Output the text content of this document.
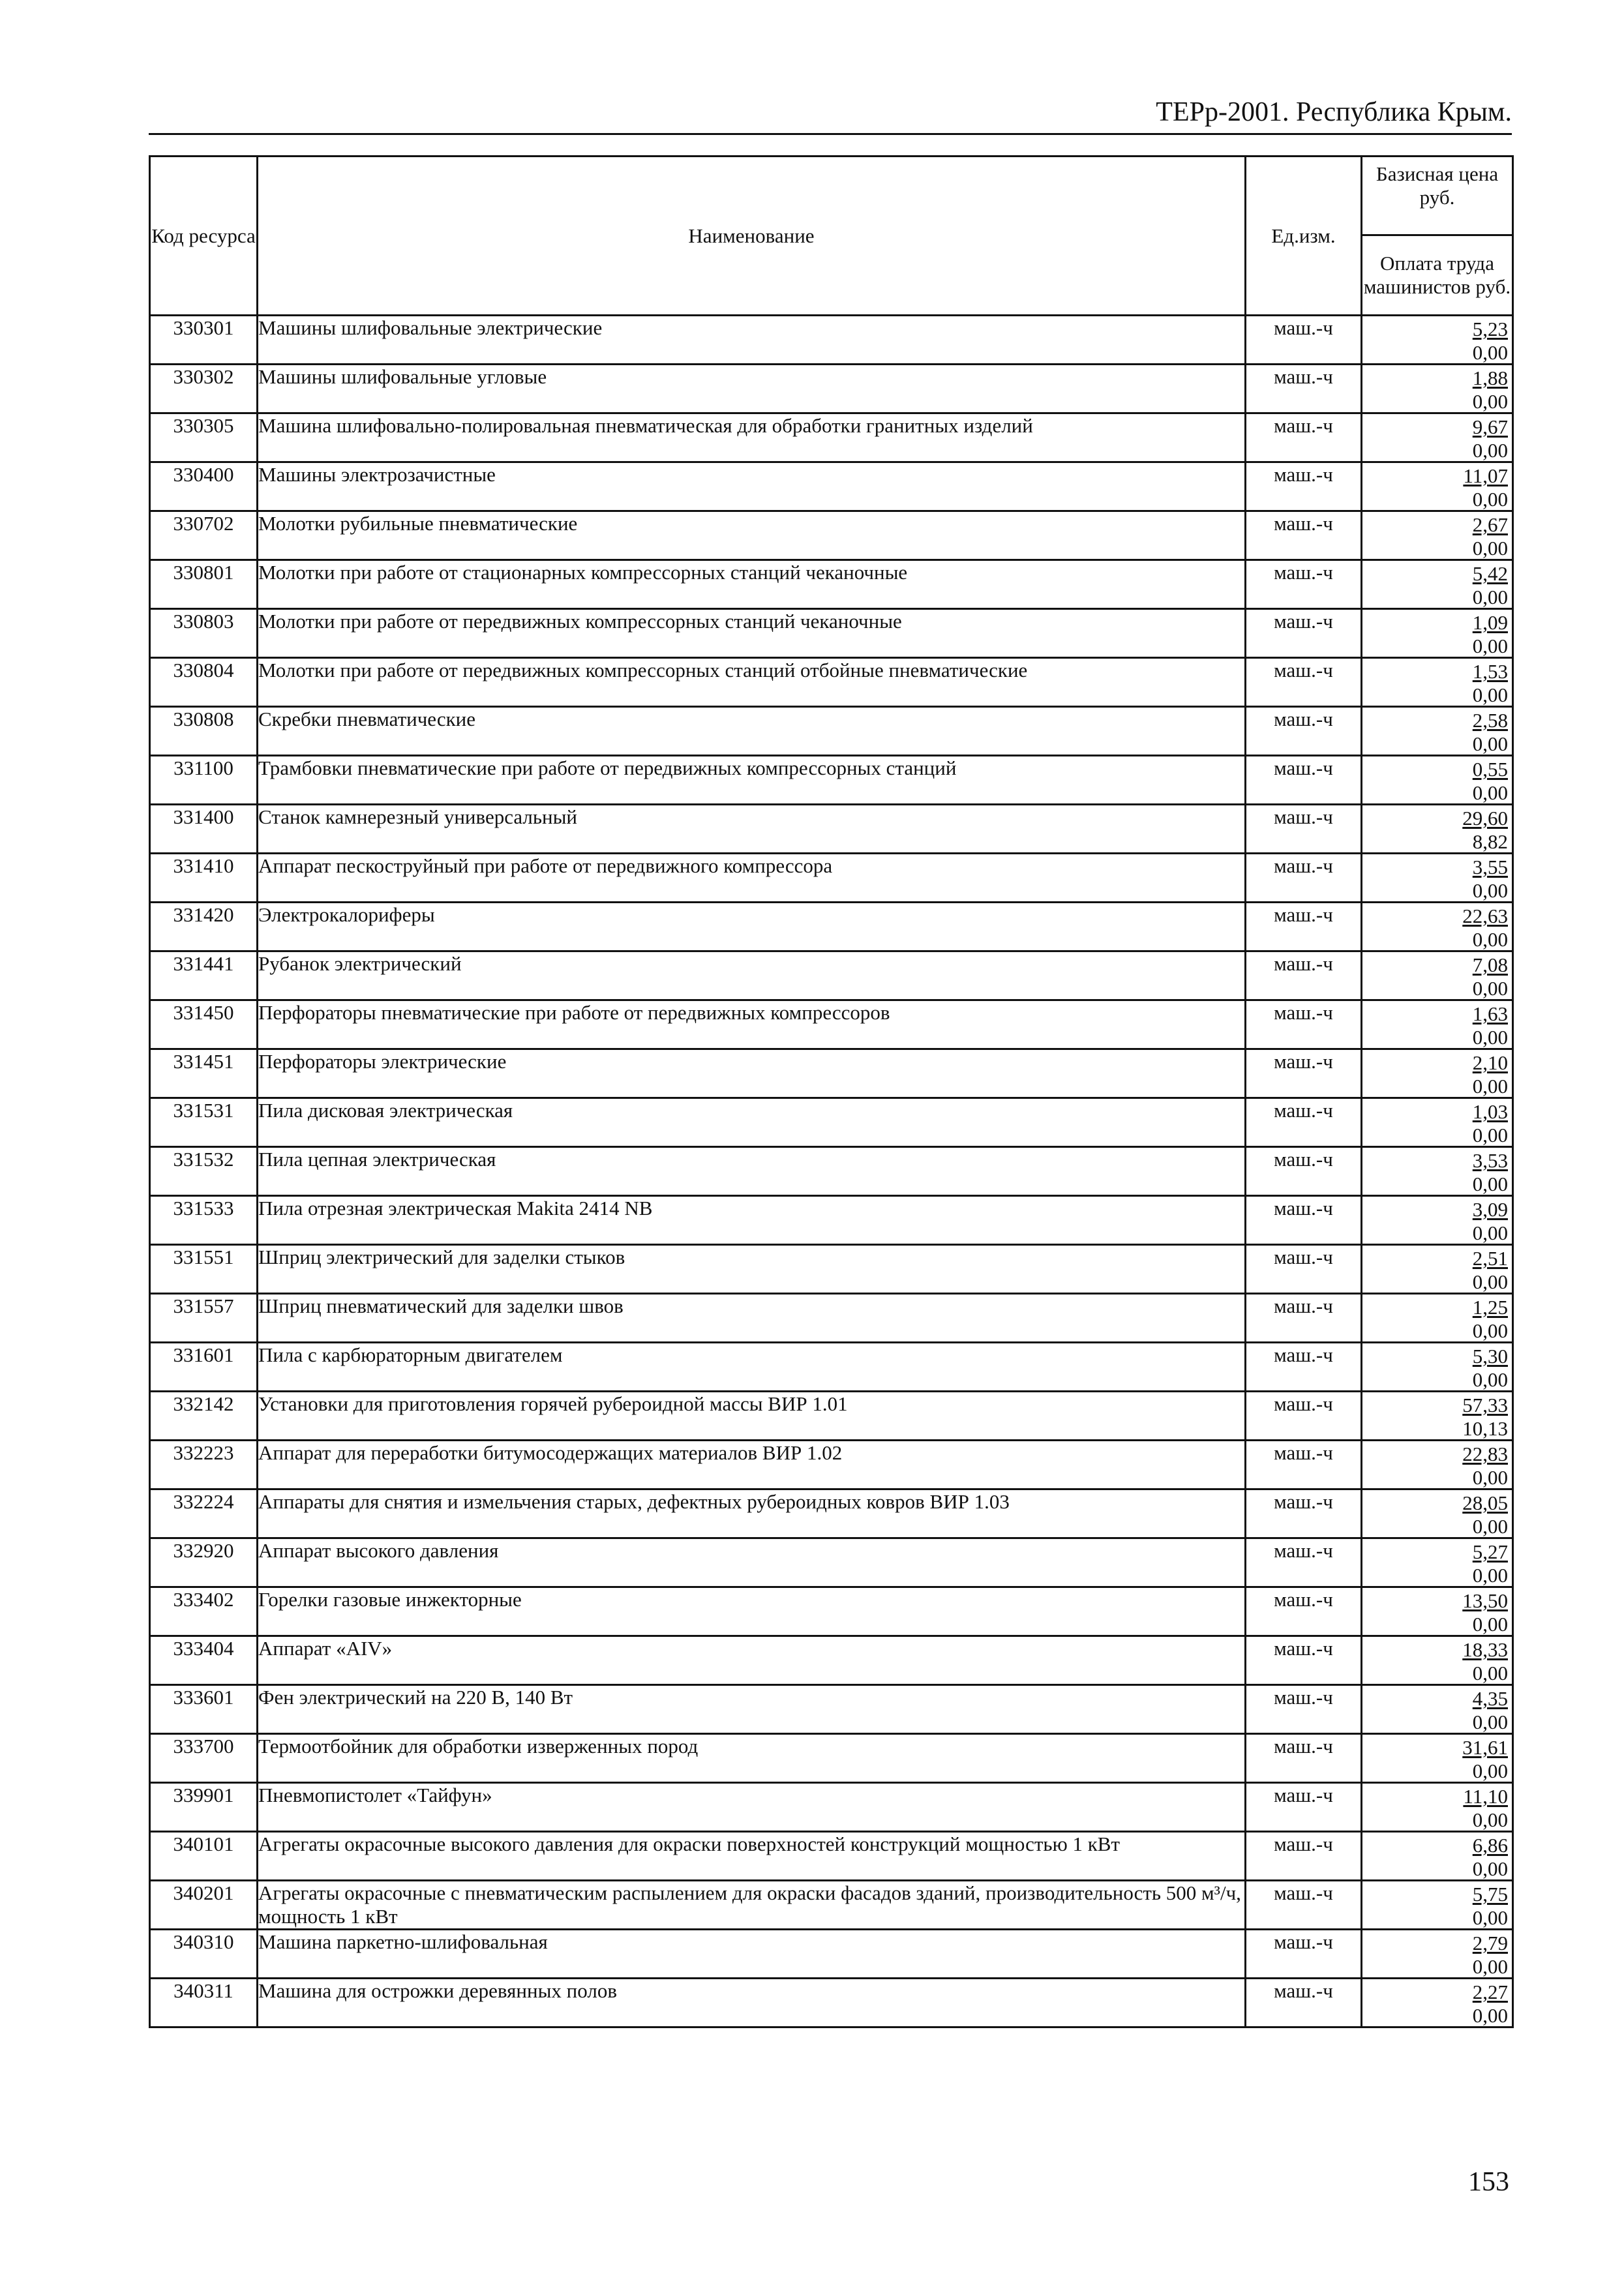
ТЕРр-2001. Республика Крым.
Код ресурса	Наименование	Ед.изм.	Базисная цена руб.
			Оплата труда машинистов руб.
330301	Машины шлифовальные электрические	маш.-ч	5,23
0,00

330302	Машины шлифовальные угловые	маш.-ч	1,88
0,00

330305	Машина шлифовально-полировальная пневматическая для обработки гранитных изделий	маш.-ч	9,67
0,00

330400	Машины электрозачистные	маш.-ч	11,07
0,00

330702	Молотки рубильные пневматические	маш.-ч	2,67
0,00

330801	Молотки при работе от стационарных компрессорных станций чеканочные	маш.-ч	5,42
0,00

330803	Молотки при работе от передвижных компрессорных станций чеканочные	маш.-ч	1,09
0,00

330804	Молотки при работе от передвижных компрессорных станций отбойные пневматические	маш.-ч	1,53
0,00

330808	Скребки пневматические	маш.-ч	2,58
0,00

331100	Трамбовки пневматические при работе от передвижных компрессорных станций	маш.-ч	0,55
0,00

331400	Станок камнерезный универсальный	маш.-ч	29,60
8,82

331410	Аппарат пескоструйный при работе от передвижного компрессора	маш.-ч	3,55
0,00

331420	Электрокалориферы	маш.-ч	22,63
0,00

331441	Рубанок электрический	маш.-ч	7,08
0,00

331450	Перфораторы пневматические при работе от передвижных компрессоров	маш.-ч	1,63
0,00

331451	Перфораторы электрические	маш.-ч	2,10
0,00

331531	Пила дисковая электрическая	маш.-ч	1,03
0,00

331532	Пила цепная электрическая	маш.-ч	3,53
0,00

331533	Пила отрезная электрическая Makita 2414 NB	маш.-ч	3,09
0,00

331551	Шприц электрический для заделки стыков	маш.-ч	2,51
0,00

331557	Шприц пневматический для заделки швов	маш.-ч	1,25
0,00

331601	Пила с карбюраторным двигателем	маш.-ч	5,30
0,00

332142	Установки для приготовления горячей рубероидной массы ВИР 1.01	маш.-ч	57,33
10,13

332223	Аппарат для переработки битумосодержащих материалов ВИР 1.02	маш.-ч	22,83
0,00

332224	Аппараты для снятия и измельчения старых, дефектных рубероидных ковров ВИР 1.03	маш.-ч	28,05
0,00

332920	Аппарат высокого давления	маш.-ч	5,27
0,00

333402	Горелки газовые инжекторные	маш.-ч	13,50
0,00

333404	Аппарат «AIV»	маш.-ч	18,33
0,00

333601	Фен электрический на 220 В, 140 Вт	маш.-ч	4,35
0,00

333700	Термоотбойник для обработки изверженных пород	маш.-ч	31,61
0,00

339901	Пневмопистолет «Тайфун»	маш.-ч	11,10
0,00

340101	Агрегаты окрасочные высокого давления для окраски поверхностей конструкций мощностью 1 кВт	маш.-ч	6,86
0,00

340201	Агрегаты окрасочные с пневматическим распылением для окраски фасадов зданий, производительность 500 м³/ч, мощность 1 кВт	маш.-ч	5,75
0,00

340310	Машина паркетно-шлифовальная	маш.-ч	2,79
0,00

340311	Машина для острожки деревянных полов	маш.-ч	2,27
0,00
153
